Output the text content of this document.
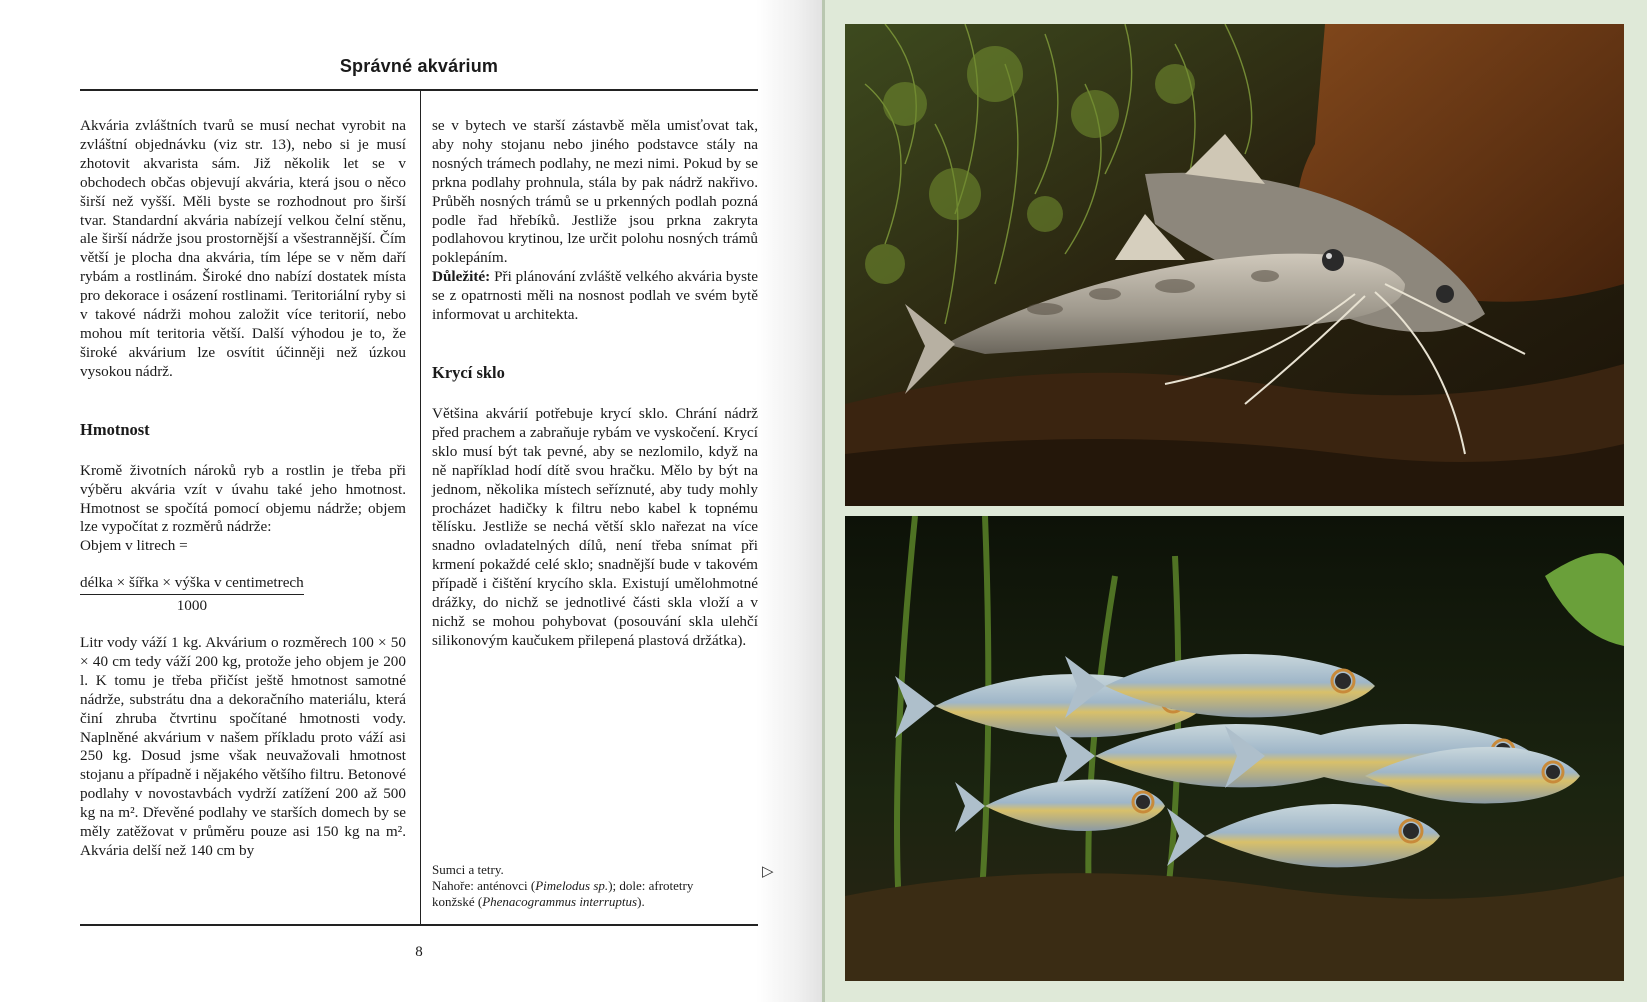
Správné akvárium

Akvária zvláštních tvarů se musí nechat vyrobit na zvláštní objednávku (viz str. 13), nebo si je musí zhotovit akvarista sám. Již několik let se v obchodech občas objevují akvária, která jsou o něco širší než vyšší. Měli byste se rozhodnout pro širší tvar. Standardní akvária nabízejí velkou čelní stěnu, ale širší nádrže jsou prostornější a všestrannější. Čím větší je plocha dna akvária, tím lépe se v něm daří rybám a rostlinám. Široké dno nabízí dostatek místa pro dekorace i osázení rostlinami. Teritoriální ryby si v takové nádrži mohou založit více teritorií, nebo mohou mít teritoria větší. Další výhodou je to, že široké akvárium lze osvítit účinněji než úzkou vysokou nádrž.

Hmotnost

Kromě životních nároků ryb a rostlin je třeba při výběru akvária vzít v úvahu také jeho hmotnost. Hmotnost se spočítá pomocí objemu nádrže; objem lze vypočítat z rozměrů nádrže:

Objem v litrech =

$\frac{\text{délka × šířka × výška v centimetrech}}{1000}$

Litr vody váží 1 kg. Akvárium o rozměrech 100 × 50 × 40 cm tedy váží 200 kg, protože jeho objem je 200 l. K tomu je třeba přičíst ještě hmotnost samotné nádrže, substrátu dna a dekoračního materiálu, která činí zhruba čtvrtinu spočítané hmotnosti vody. Naplněné akvárium v našem příkladu proto váží asi 250 kg. Dosud jsme však neuvažovali hmotnost stojanu a případně i nějakého většího filtru. Betonové podlahy v novostavbách vydrží zatížení 200 až 500 kg na m². Dřevěné podlahy ve starších domech by se měly zatěžovat v průměru pouze asi 150 kg na m². Akvária delší než 140 cm by

se v bytech ve starší zástavbě měla umisťovat tak, aby nohy stojanu nebo jiného podstavce stály na nosných trámech podlahy, ne mezi nimi. Pokud by se prkna podlahy prohnula, stála by pak nádrž nakřivo. Průběh nosných trámů se u prkenných podlah pozná podle řad hřebíků. Jestliže jsou prkna zakryta podlahovou krytinou, lze určit polohu nosných trámů poklepáním.

Důležité: Při plánování zvláště velkého akvária byste se z opatrnosti měli na nosnost podlah ve svém bytě informovat u architekta.

Krycí sklo

Většina akvárií potřebuje krycí sklo. Chrání nádrž před prachem a zabraňuje rybám ve vyskočení. Krycí sklo musí být tak pevné, aby se nezlomilo, když na ně například hodí dítě svou hračku. Mělo by být na jednom, několika místech seříznuté, aby tudy mohly procházet hadičky k filtru nebo kabel k topnému tělísku. Jestliže se nechá větší sklo nařezat na více snadno ovladatelných dílů, není třeba snímat při krmení pokaždé celé sklo; snadnější bude v takovém případě i čištění krycího skla. Existují umělohmotné drážky, do nichž se jednotlivé části skla vloží a v nichž se mohou pohybovat (posouvání skla ulehčí silikonovým kaučukem přilepená plastová držátka).

Sumci a tetry.
Nahoře: anténovci (Pimelodus sp.); dole: afrotetry
konžské (Phenacogrammus interruptus).
▷
8
